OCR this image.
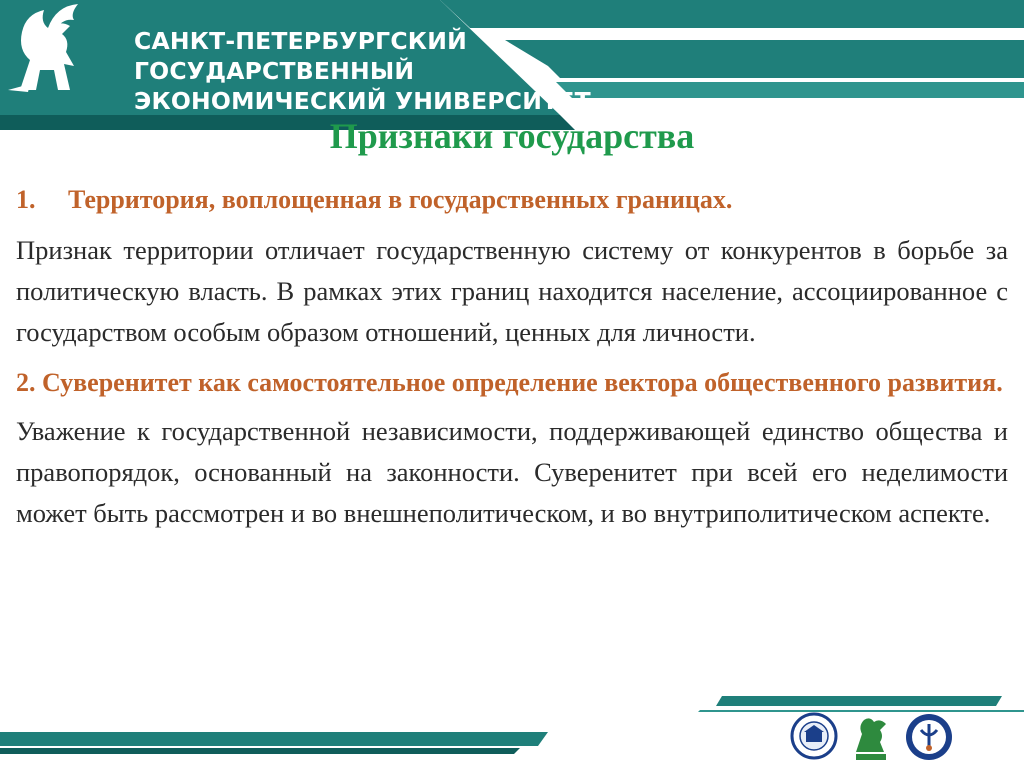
САНКТ-ПЕТЕРБУРГСКИЙ
ГОСУДАРСТВЕННЫЙ
ЭКОНОМИЧЕСКИЙ УНИВЕРСИТЕТ
Признаки государства

1. Территория, воплощенная в государственных границах.

Признак территории отличает государственную систему от конкурентов в борьбе за политическую власть. В рамках этих границ находится население, ассоциированное с государством особым образом отношений, ценных для личности.

2. Суверенитет как самостоятельное определение вектора общественного развития.

Уважение к государственной независимости, поддерживающей единство общества и правопорядок, основанный на законности. Суверенитет при всей его неделимости может быть рассмотрен и во внешнеполитическом, и во внутриполитическом аспекте.
